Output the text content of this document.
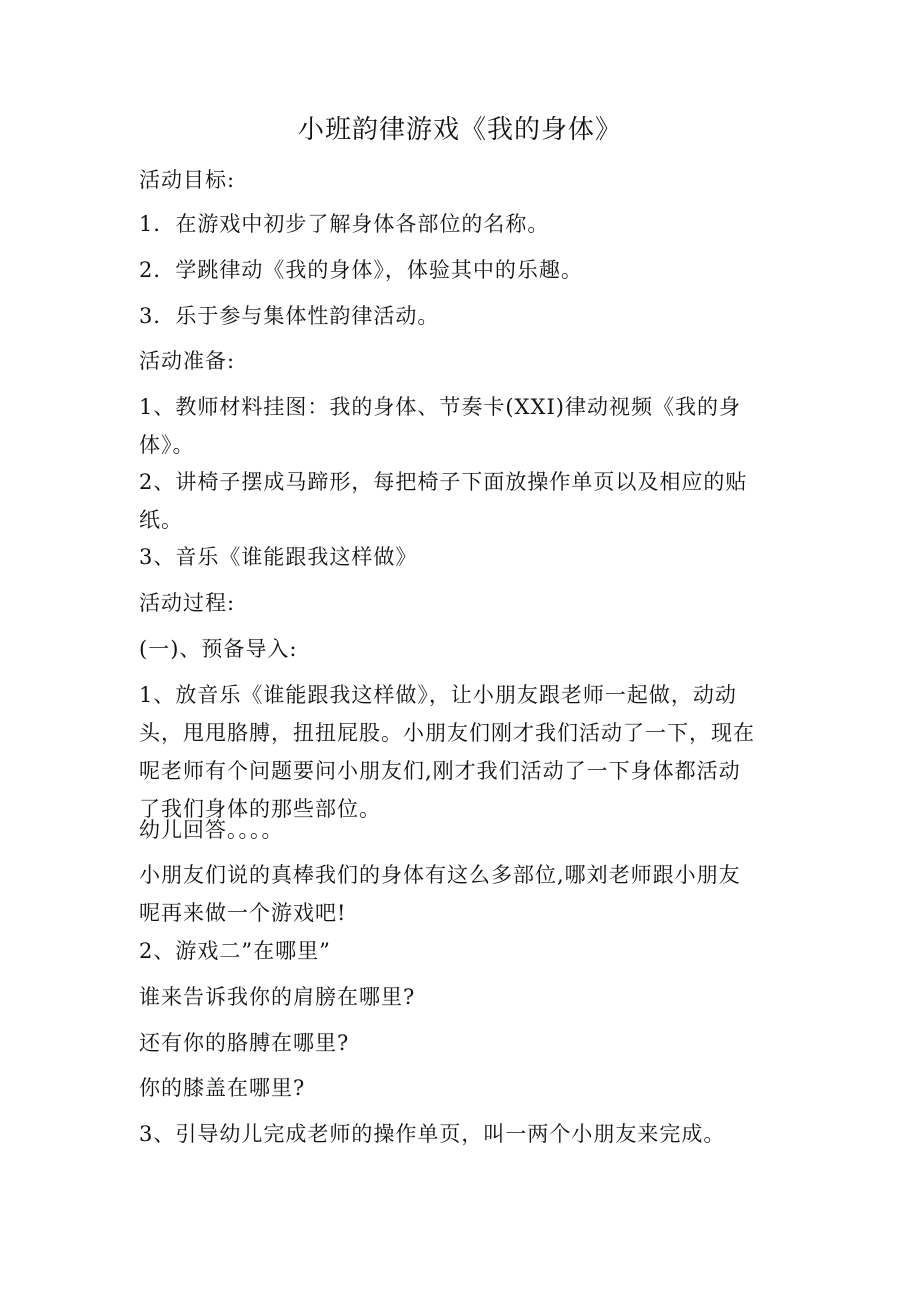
小班韵律游戏《我的身体》
活动目标:
1．在游戏中初步了解身体各部位的名称。
2．学跳律动《我的身体》，体验其中的乐趣。
3．乐于参与集体性韵律活动。
活动准备:
1、教师材料挂图：我的身体、节奏卡(XXI)律动视频《我的身
体》。
2、讲椅子摆成马蹄形，每把椅子下面放操作单页以及相应的贴
纸。
3、音乐《谁能跟我这样做》
活动过程:
(一)、预备导入:
1、放音乐《谁能跟我这样做》，让小朋友跟老师一起做，动动
头，甩甩胳膊，扭扭屁股。小朋友们刚才我们活动了一下，现在
呢老师有个问题要问小朋友们,刚才我们活动了一下身体都活动
了我们身体的那些部位。
幼儿回答。。。。
小朋友们说的真棒我们的身体有这么多部位,哪刘老师跟小朋友
呢再来做一个游戏吧!
2、游戏二”在哪里”
谁来告诉我你的肩膀在哪里?
还有你的胳膊在哪里?
你的膝盖在哪里?
3、引导幼儿完成老师的操作单页，叫一两个小朋友来完成。
